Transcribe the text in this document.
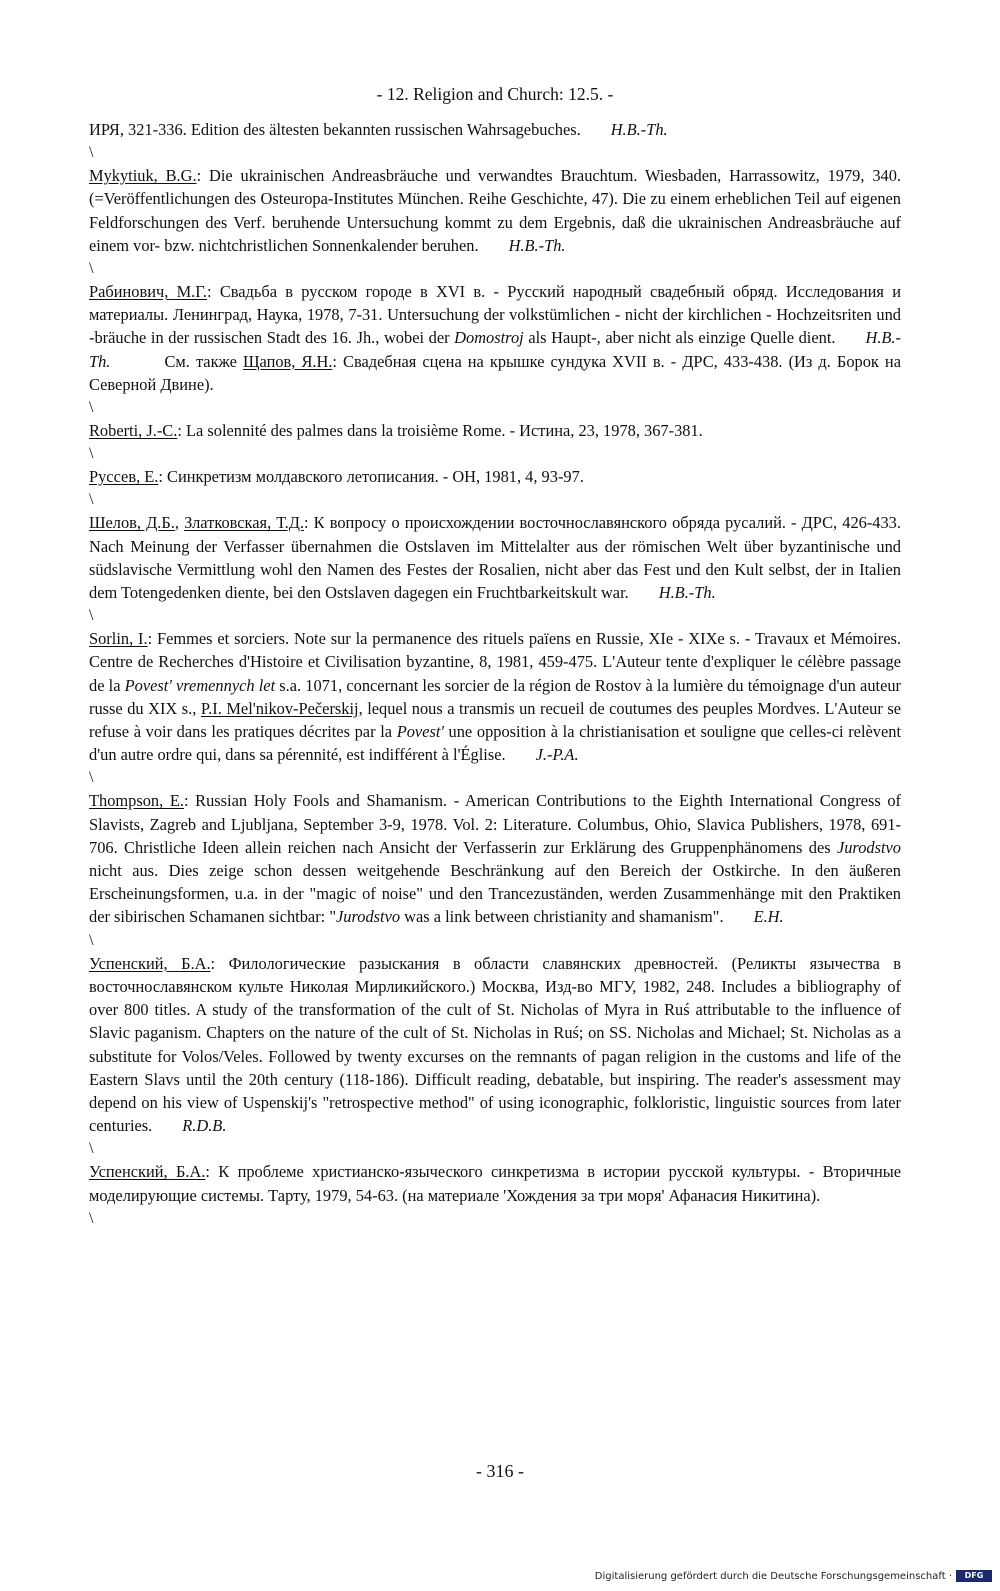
- 12. Religion and Church: 12.5. -

ИРЯ, 321-336. Edition des ältesten bekannten russischen Wahrsagebuches. H.B.-Th.

\

Mykytiuk, B.G.: Die ukrainischen Andreasbräuche und verwandtes Brauchtum. Wiesbaden, Harrassowitz, 1979, 340. (=Veröffentlichungen des Osteuropa-Institutes München. Reihe Geschichte, 47). Die zu einem erheblichen Teil auf eigenen Feldforschungen des Verf. beruhende Untersuchung kommt zu dem Ergebnis, daß die ukrainischen Andreasbräuche auf einem vor- bzw. nichtchristlichen Sonnenkalender beruhen. H.B.-Th.

\

Рабинович, М.Г.: Свадьба в русском городе в XVI в. - Русский народный свадебный обряд. Исследования и материалы. Ленинград, Наука, 1978, 7-31. Untersuchung der volkstümlichen - nicht der kirchlichen - Hochzeitsriten und -bräuche in der russischen Stadt des 16. Jh., wobei der Domostroj als Haupt-, aber nicht als einzige Quelle dient. H.B.-Th.	См. также Щапов, Я.Н.: Свадебная сцена на крышке сундука XVII в. - ДРС, 433-438. (Из д. Борок на Северной Двине).

\

Roberti, J.-C.: La solennité des palmes dans la troisième Rome. - Истина, 23, 1978, 367-381.

\

Руссев, Е.: Синкретизм молдавского летописания. - ОН, 1981, 4, 93-97.

\

Шелов, Д.Б., Златковская, Т.Д.: К вопросу о происхождении восточнославянского обряда русалий. - ДРС, 426-433. Nach Meinung der Verfasser übernahmen die Ostslaven im Mittelalter aus der römischen Welt über byzantinische und südslavische Vermittlung wohl den Namen des Festes der Rosalien, nicht aber das Fest und den Kult selbst, der in Italien dem Totengedenken diente, bei den Ostslaven dagegen ein Fruchtbarkeitskult war. H.B.-Th.

\

Sorlin, I.: Femmes et sorciers. Note sur la permanence des rituels païens en Russie, XIe - XIXe s. - Travaux et Mémoires. Centre de Recherches d'Histoire et Civilisation byzantine, 8, 1981, 459-475. L'Auteur tente d'expliquer le célèbre passage de la Povest' vremennych let s.a. 1071, concernant les sorcier de la région de Rostov à la lumière du témoignage d'un auteur russe du XIX s., P.I. Mel'nikov-Pečerskij, lequel nous a transmis un recueil de coutumes des peuples Mordves. L'Auteur se refuse à voir dans les pratiques décrites par la Povest' une opposition à la christianisation et souligne que celles-ci relèvent d'un autre ordre qui, dans sa pérennité, est indifférent à l'Église. J.-P.A.

\

Thompson, E.: Russian Holy Fools and Shamanism. - American Contributions to the Eighth International Congress of Slavists, Zagreb and Ljubljana, September 3-9, 1978. Vol. 2: Literature. Columbus, Ohio, Slavica Publishers, 1978, 691-706. Christliche Ideen allein reichen nach Ansicht der Verfasserin zur Erklärung des Gruppenphänomens des Jurodstvo nicht aus. Dies zeige schon dessen weitgehende Beschränkung auf den Bereich der Ostkirche. In den äußeren Erscheinungsformen, u.a. in der "magic of noise" und den Trancezuständen, werden Zusammenhänge mit den Praktiken der sibirischen Schamanen sichtbar: "Jurodstvo was a link between christianity and shamanism". E.H.

\

Успенский, Б.А.: Филологические разыскания в области славянских древностей. (Реликты язычества в восточнославянском культе Николая Мирликийского.) Москва, Изд-во МГУ, 1982, 248. Includes a bibliography of over 800 titles. A study of the transformation of the cult of St. Nicholas of Myra in Ruś attributable to the influence of Slavic paganism. Chapters on the nature of the cult of St. Nicholas in Ruś; on SS. Nicholas and Michael; St. Nicholas as a substitute for Volos/Veles. Followed by twenty excurses on the remnants of pagan religion in the customs and life of the Eastern Slavs until the 20th century (118-186). Difficult reading, debatable, but inspiring. The reader's assessment may depend on his view of Uspenskij's "retrospective method" of using iconographic, folkloristic, linguistic sources from later centuries. R.D.B.

\

Успенский, Б.А.: К проблеме христианско-языческого синкретизма в истории русской культуры. - Вторичные моделирующие системы. Тарту, 1979, 54-63. (на материале 'Хождения за три моря' Афанасия Никитина).

\
- 316 -
Digitalisierung gefördert durch die Deutsche Forschungsgemeinschaft ·	DFG
